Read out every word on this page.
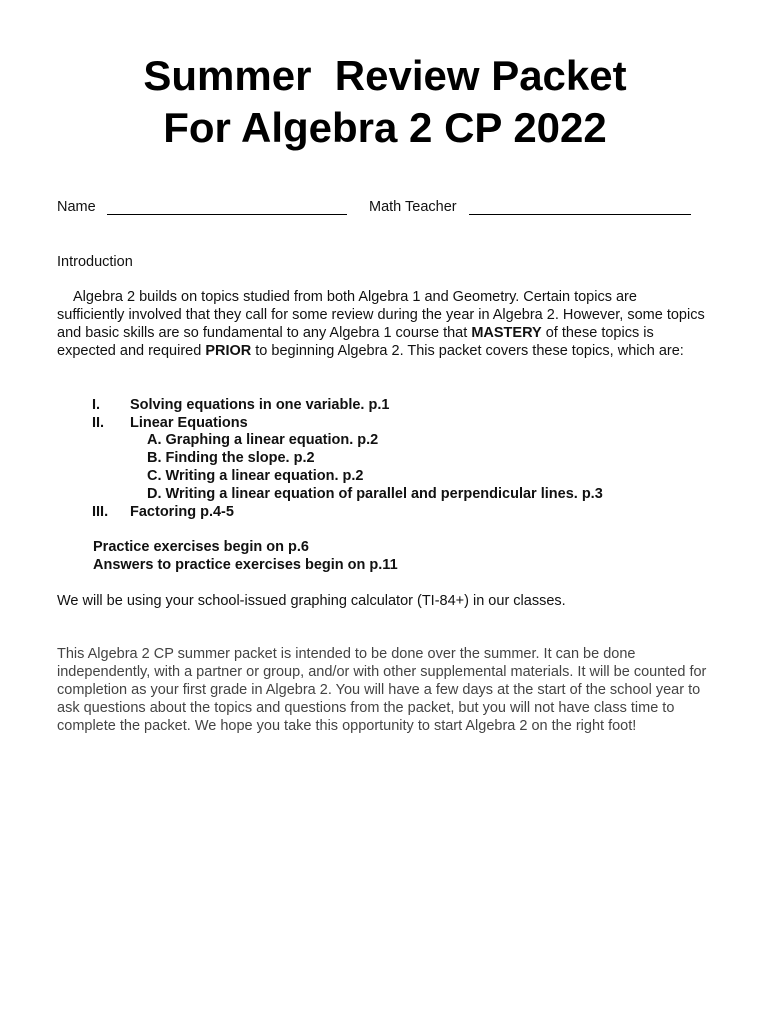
Summer  Review Packet
For Algebra 2 CP 2022
Name	Math Teacher
Introduction
Algebra 2 builds on topics studied from both Algebra 1 and Geometry. Certain topics are sufficiently involved that they call for some review during the year in Algebra 2. However, some topics and basic skills are so fundamental to any Algebra 1 course that MASTERY of these topics is expected and required PRIOR to beginning Algebra 2. This packet covers these topics, which are:
I. Solving equations in one variable. p.1
II. Linear Equations
A. Graphing a linear equation. p.2
B. Finding the slope. p.2
C. Writing a linear equation. p.2
D. Writing a linear equation of parallel and perpendicular lines. p.3
III. Factoring p.4-5
Practice exercises begin on p.6
Answers to practice exercises begin on p.11
We will be using your school-issued graphing calculator (TI-84+) in our classes.
This Algebra 2 CP summer packet is intended to be done over the summer. It can be done independently, with a partner or group, and/or with other supplemental materials. It will be counted for completion as your first grade in Algebra 2. You will have a few days at the start of the school year to ask questions about the topics and questions from the packet, but you will not have class time to complete the packet. We hope you take this opportunity to start Algebra 2 on the right foot!
